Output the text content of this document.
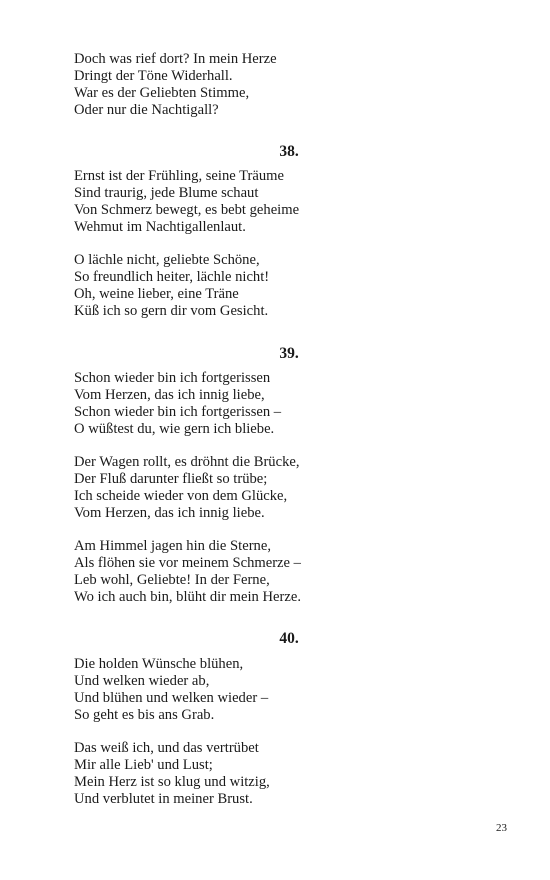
Doch was rief dort? In mein Herze
Dringt der Töne Widerhall.
War es der Geliebten Stimme,
Oder nur die Nachtigall?
38.
Ernst ist der Frühling, seine Träume
Sind traurig, jede Blume schaut
Von Schmerz bewegt, es bebt geheime
Wehmut im Nachtigallenlaut.
O lächle nicht, geliebte Schöne,
So freundlich heiter, lächle nicht!
Oh, weine lieber, eine Träne
Küß ich so gern dir vom Gesicht.
39.
Schon wieder bin ich fortgerissen
Vom Herzen, das ich innig liebe,
Schon wieder bin ich fortgerissen –
O wüßtest du, wie gern ich bliebe.
Der Wagen rollt, es dröhnt die Brücke,
Der Fluß darunter fließt so trübe;
Ich scheide wieder von dem Glücke,
Vom Herzen, das ich innig liebe.
Am Himmel jagen hin die Sterne,
Als flöhen sie vor meinem Schmerze –
Leb wohl, Geliebte! In der Ferne,
Wo ich auch bin, blüht dir mein Herze.
40.
Die holden Wünsche blühen,
Und welken wieder ab,
Und blühen und welken wieder –
So geht es bis ans Grab.
Das weiß ich, und das vertrübet
Mir alle Lieb' und Lust;
Mein Herz ist so klug und witzig,
Und verblutet in meiner Brust.
23
